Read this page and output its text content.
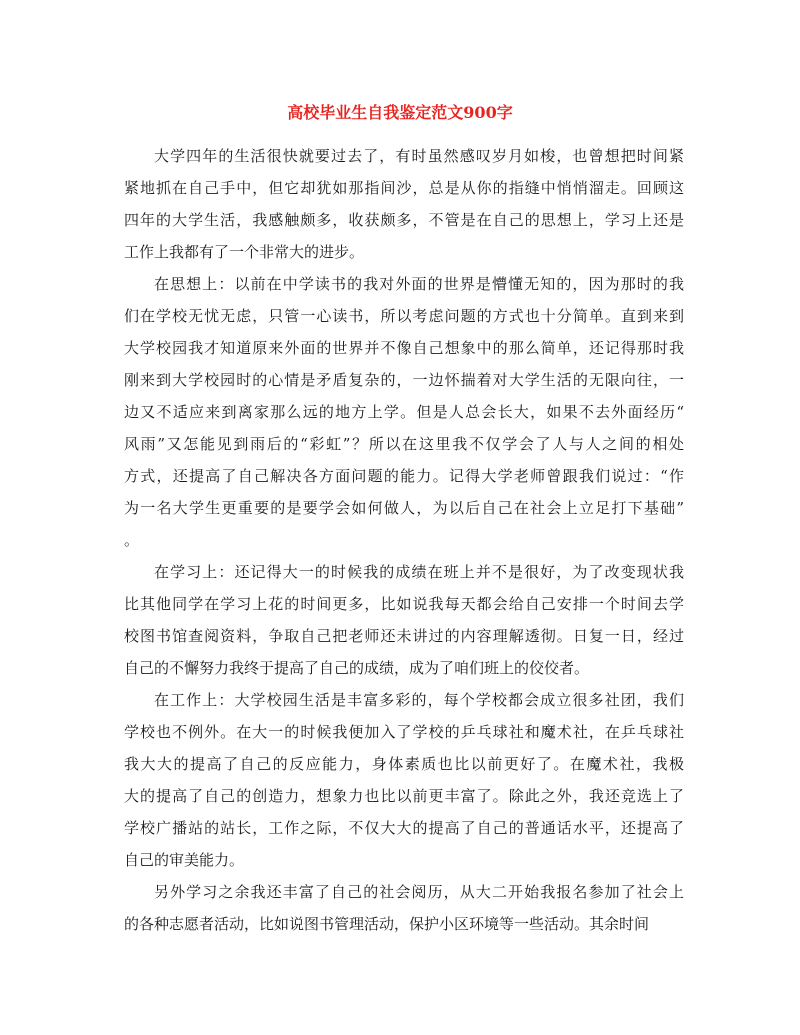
高校毕业生自我鉴定范文900字
大学四年的生活很快就要过去了，有时虽然感叹岁月如梭，也曾想把时间紧
紧地抓在自己手中，但它却犹如那指间沙，总是从你的指缝中悄悄溜走。回顾这
四年的大学生活，我感触颇多，收获颇多，不管是在自己的思想上，学习上还是
工作上我都有了一个非常大的进步。
在思想上：以前在中学读书的我对外面的世界是懵懂无知的，因为那时的我
们在学校无忧无虑，只管一心读书，所以考虑问题的方式也十分简单。直到来到
大学校园我才知道原来外面的世界并不像自己想象中的那么简单，还记得那时我
刚来到大学校园时的心情是矛盾复杂的，一边怀揣着对大学生活的无限向往，一
边又不适应来到离家那么远的地方上学。但是人总会长大，如果不去外面经历“
风雨”又怎能见到雨后的“彩虹”？所以在这里我不仅学会了人与人之间的相处
方式，还提高了自己解决各方面问题的能力。记得大学老师曾跟我们说过：“作
为一名大学生更重要的是要学会如何做人，为以后自己在社会上立足打下基础”
。
在学习上：还记得大一的时候我的成绩在班上并不是很好，为了改变现状我
比其他同学在学习上花的时间更多，比如说我每天都会给自己安排一个时间去学
校图书馆查阅资料，争取自己把老师还未讲过的内容理解透彻。日复一日，经过
自己的不懈努力我终于提高了自己的成绩，成为了咱们班上的佼佼者。
在工作上：大学校园生活是丰富多彩的，每个学校都会成立很多社团，我们
学校也不例外。在大一的时候我便加入了学校的乒乓球社和魔术社，在乒乓球社
我大大的提高了自己的反应能力，身体素质也比以前更好了。在魔术社，我极
大的提高了自己的创造力，想象力也比以前更丰富了。除此之外，我还竞选上了
学校广播站的站长，工作之际，不仅大大的提高了自己的普通话水平，还提高了
自己的审美能力。
另外学习之余我还丰富了自己的社会阅历，从大二开始我报名参加了社会上
的各种志愿者活动，比如说图书管理活动，保护小区环境等一些活动。其余时间
